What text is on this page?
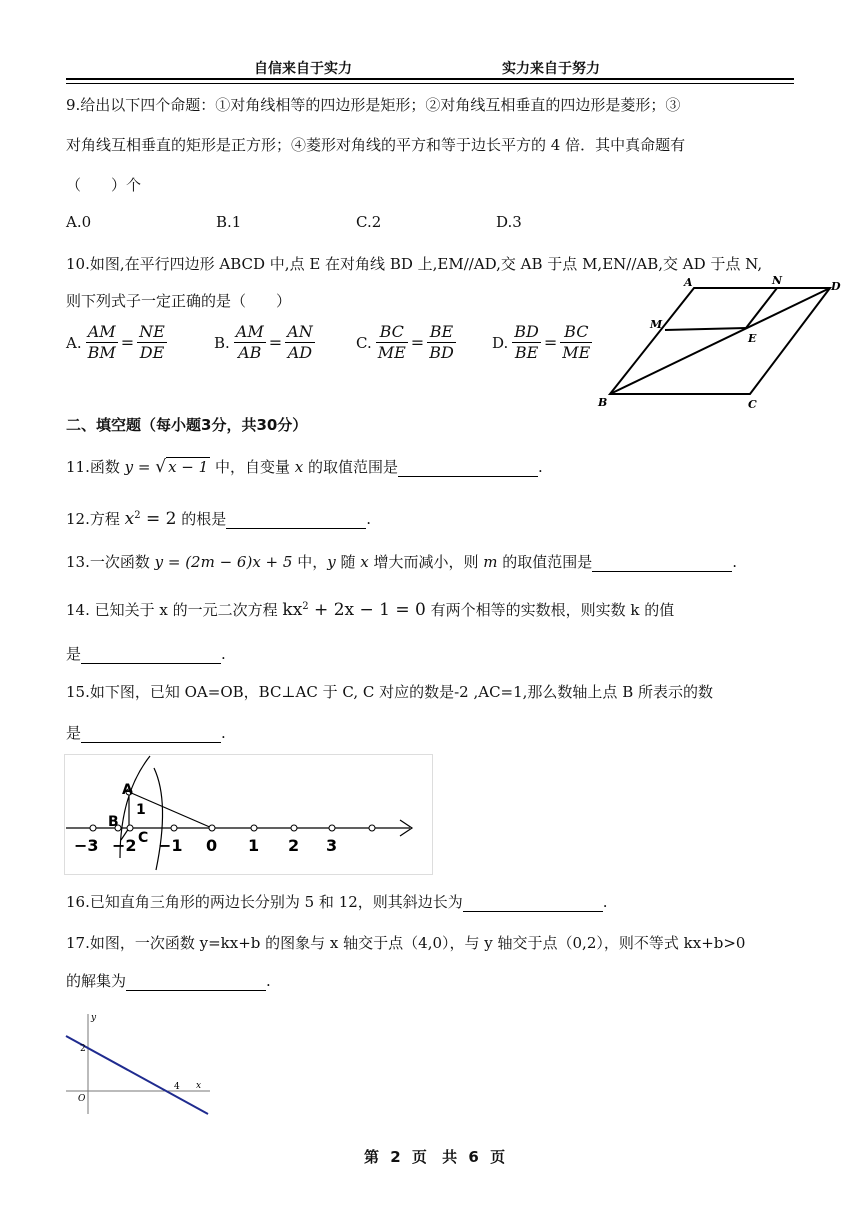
自信来自于实力	实力来自于努力
9.给出以下四个命题：①对角线相等的四边形是矩形；②对角线互相垂直的四边形是菱形；③
对角线互相垂直的矩形是正方形；④菱形对角线的平方和等于边长平方的 4 倍．其中真命题有
（　　）个
A.0	B.1	C.2	D.3
10.如图,在平行四边形 ABCD 中,点 E 在对角线 BD 上,EM//AD,交 AB 于点 M,EN//AB,交 AD 于点 N,
则下列式子一定正确的是（　　）
A. $\frac{AM}{BM} = \frac{NE}{DE}$	B. $\frac{AM}{AB} = \frac{AN}{AD}$	C. $\frac{BC}{ME} = \frac{BE}{BD} D$. $\frac{BD}{BE} = \frac{BC}{ME}$
A	N	D
M
E
B	C
二、填空题（每小题3分，共30分）
11.函数 y = √ x − 1 中，自变量 x 的取值范围是	.
12.方程 $x^2 = 2$ 的根是	.
13.一次函数 y = (2m − 6)x + 5 中，y 随 x 增大而减小，则 m 的取值范围是	.
14. 已知关于 x 的一元二次方程 $kx^2 + 2x - 1 = 0$ 有两个相等的实数根，则实数 k 的值
是	.
15.如下图，已知 OA=OB，BC⊥AC 于 C, C 对应的数是-2 ,AC=1,那么数轴上点 B 所表示的数
是	.
−3 −2 −1 0 1 2 3
A
B
C
1
16.已知直角三角形的两边长分别为 5 和 12，则其斜边长为	.
17.如图，一次函数 y=kx+b 的图象与 x 轴交于点（4,0），与 y 轴交于点（0,2），则不等式 kx+b>0
的解集为	.
y
x
O
2
4
第 2 页 共 6 页
